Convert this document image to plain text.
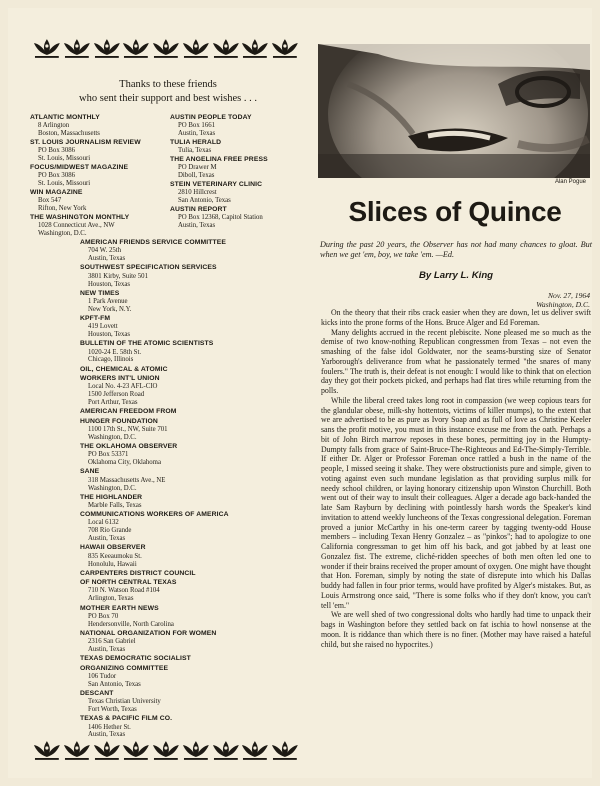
Thanks to these friends
who sent their support and best wishes . . .
ATLANTIC MONTHLY
8 Arlington
Boston, Massachusetts
ST. LOUIS JOURNALISM REVIEW
PO Box 3086
St. Louis, Missouri
FOCUS/MIDWEST MAGAZINE
PO Box 3086
St. Louis, Missouri
WIN MAGAZINE
Box 547
Rifton, New York
THE WASHINGTON MONTHLY
1028 Connecticut Ave., NW
Washington, D.C.
AUSTIN PEOPLE TODAY
PO Box 1661
Austin, Texas
TULIA HERALD
Tulia, Texas
THE ANGELINA FREE PRESS
PO Drawer M
Diboll, Texas
STEIN VETERINARY CLINIC
2810 Hillcrest
San Antonio, Texas
AUSTIN REPORT
PO Box 12368, Capitol Station
Austin, Texas
AMERICAN FRIENDS SERVICE COMMITTEE
704 W. 25th
Austin, Texas
SOUTHWEST SPECIFICATION SERVICES
3801 Kirby, Suite 501
Houston, Texas
NEW TIMES
1 Park Avenue
New York, N.Y.
KPFT-FM
419 Lovett
Houston, Texas
BULLETIN OF THE ATOMIC SCIENTISTS
1020-24 E. 58th St.
Chicago, Illinois
OIL, CHEMICAL & ATOMIC
WORKERS INT'L UNION
Local No. 4-23 AFL-CIO
1500 Jefferson Road
Port Arthur, Texas
AMERICAN FREEDOM FROM
HUNGER FOUNDATION
1100 17th St., NW, Suite 701
Washington, D.C.
THE OKLAHOMA OBSERVER
PO Box 53371
Oklahoma City, Oklahoma
SANE
318 Massachusetts Ave., NE
Washington, D.C.
THE HIGHLANDER
Marble Falls, Texas
COMMUNICATIONS WORKERS OF AMERICA
Local 6132
708 Rio Grande
Austin, Texas
HAWAII OBSERVER
835 Keeaumoku St.
Honolulu, Hawaii
CARPENTERS DISTRICT COUNCIL
OF NORTH CENTRAL TEXAS
710 N. Watson Road #104
Arlington, Texas
MOTHER EARTH NEWS
PO Box 70
Hendersonville, North Carolina
NATIONAL ORGANIZATION FOR WOMEN
2316 San Gabriel
Austin, Texas
TEXAS DEMOCRATIC SOCIALIST
ORGANIZING COMMITTEE
106 Tudor
San Antonio, Texas
DESCANT
Texas Christian University
Fort Worth, Texas
TEXAS & PACIFIC FILM CO.
1406 Hether St.
Austin, Texas
Alan Pogue
Slices of Quince
During the past 20 years, the Observer has not had many chances to gloat. But when we get 'em, boy, we take 'em. —Ed.
By Larry L. King
Nov. 27, 1964
Washington, D.C.

On the theory that their ribs crack easier when they are down, let us deliver swift kicks into the prone forms of the Hons. Bruce Alger and Ed Foreman.

Many delights accrued in the recent plebiscite. None pleased me so much as the demise of two know-nothing Republican congressmen from Texas – not even the smashing of the false idol Goldwater, nor the seams-bursting size of Senator Yarborough's deliverance from what he passionately termed "the snares of many foulers." The truth is, their defeat is not enough: I would like to think that on election day they got their pockets picked, and perhaps had flat tires while returning from the polls.

While the liberal creed takes long root in compassion (we weep copious tears for the glandular obese, milk-shy hottentots, victims of killer mumps), to the extent that we are advertised to be as pure as Ivory Soap and as full of love as Christine Keeler sans the profit motive, you must in this instance excuse me from the oath. Perhaps a bit of John Birch marrow reposes in these bones, permitting joy in the Humpty-Dumpty falls from grace of Saint-Bruce-The-Righteous and Ed-The-Simply-Terrible. If either Dr. Alger or Professor Foreman once rattled a bush in the name of the people, I missed seeing it shake. They were obstructionists pure and simple, given to voting against even such mundane legislation as that providing surplus milk for needy school children, or laying honorary citizenship upon Winston Churchill. Both went out of their way to insult their colleagues. Alger a decade ago back-handed the late Sam Rayburn by declining with pointlessly harsh words the Speaker's kind invitation to attend weekly luncheons of the Texas congressional delegation. Foreman proved a junior McCarthy in his one-term career by tagging twenty-odd House members – including Texan Henry Gonzalez – as "pinkos"; had to apologize to one California congressman to get him off his back, and got jabbed by at least one Gonzalez fist. The extreme, cliché-ridden speeches of both men often led one to wonder if their brains received the proper amount of oxygen. One might have thought that Hon. Foreman, simply by noting the state of disrepute into which his Dallas buddy had fallen in four prior terms, would have profited by Alger's mistakes. But, as Louis Armstrong once said, "There is some folks who if they don't know, you can't tell 'em."

We are well shed of two congressional dolts who hardly had time to unpack their bags in Washington before they settled back on fat ischia to howl nonsense at the moon. It is riddance than which there is no finer. (Mother may have raised a hateful child, but she raised no hypocrites.)
